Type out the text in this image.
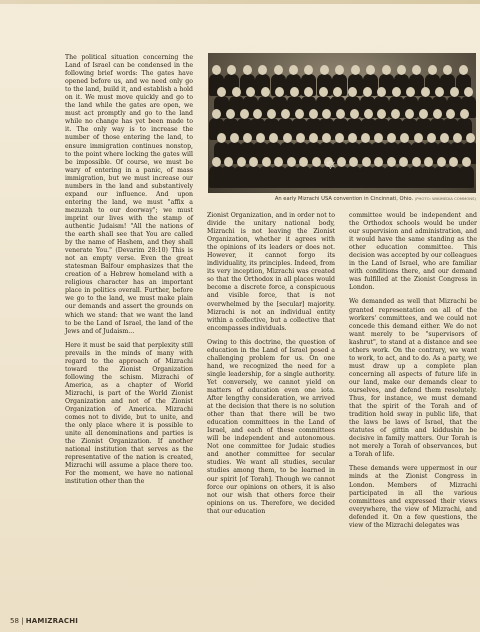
The political situation concerning the Land of Israel can be condensed in the following brief words: The gates have opened before us, and we need only go to the land, build it, and establish a hold on it. We must move quickly and go to the land while the gates are open, we must act promptly and go to the land while no change has yet been made to it. The only way is to increase the number of those entering the land, to ensure immigration continues nonstop, to the point where locking the gates will be impossible. Of course, we must be wary of entering in a panic, of mass immigration, but we must increase our numbers in the land and substantively expand our influence. And upon entering the land, we must "affix a mezuzah to our doorway"; we must imprint our lives with the stamp of authentic Judaism! "All the nations of the earth shall see that You are called by the name of Hashem, and they shall venerate You." (Devarim 28:10) This is not an empty verse. Even the great statesman Balfour emphasizes that the creation of a Hebrew homeland with a religious character has an important place in politics overall. Further, before we go to the land, we must make plain our demands and assert the grounds on which we stand: that we want the land to be the Land of Israel, the land of the Jews and of Judaism...

Here it must be said that perplexity still prevails in the minds of many with regard to the approach of Mizrachi toward the Zionist Organization following the schism. Mizrachi of America, as a chapter of World Mizrachi, is part of the World Zionist Organization and not of the Zionist Organization of America. Mizrachi comes not to divide, but to unite, and the only place where it is possible to unite all denominations and parties is the Zionist Organization. If another national institution that serves as the representative of the nation is created, Mizrachi will assume a place there too. For the moment, we have no national institution other than the

✡
An early Mizrachi USA convention in Cincinnati, Ohio. (PHOTO: WIKIMEDIA COMMONS)

Zionist Organization, and in order not to divide the unitary national body, Mizrachi is not leaving the Zionist Organization, whether it agrees with the opinions of its leaders or does not. However, it cannot forgo its individuality, its principles. Indeed, from its very inception, Mizrachi was created so that the Orthodox in all places would become a discrete force, a conspicuous and visible force, that is not overwhelmed by the [secular] majority. Mizrachi is not an individual entity within a collective, but a collective that encompasses individuals.

Owing to this doctrine, the question of education in the Land of Israel posed a challenging problem for us. On one hand, we recognized the need for a single leadership, for a single authority. Yet conversely, we cannot yield on matters of education even one iota. After lengthy consideration, we arrived at the decision that there is no solution other than that there will be two education committees in the Land of Israel, and each of these committees will be independent and autonomous. Not one committee for Judaic studies and another committee for secular studies. We want all studies, secular studies among them, to be learned in our spirit [of Torah]. Though we cannot force our opinions on others, it is also not our wish that others force their opinions on us. Therefore, we decided that our education

committee would be independent and the Orthodox schools would be under our supervision and administration, and it would have the same standing as the other education committee. This decision was accepted by our colleagues in the Land of Israel, who are familiar with conditions there, and our demand was fulfilled at the Zionist Congress in London.

We demanded as well that Mizrachi be granted representation on all of the workers' committees, and we could not concede this demand either. We do not want merely to be "supervisors of kashrut", to stand at a distance and see others work. On the contrary, we want to work, to act, and to do. As a party, we must draw up a complete plan concerning all aspects of future life in our land, make our demands clear to ourselves, and defend them resolutely. Thus, for instance, we must demand that the spirit of the Torah and of tradition hold sway in public life, that the laws be laws of Israel, that the statutes of gittin and kiddushin be decisive in family matters. Our Torah is not merely a Torah of observances, but a Torah of life.

These demands were uppermost in our minds at the Zionist Congress in London. Members of Mizrachi participated in all the various committees and expressed their views everywhere, the view of Mizrachi, and defended it. On a few questions, the view of the Mizrachi delegates was

58 | HAMIZRACHI
